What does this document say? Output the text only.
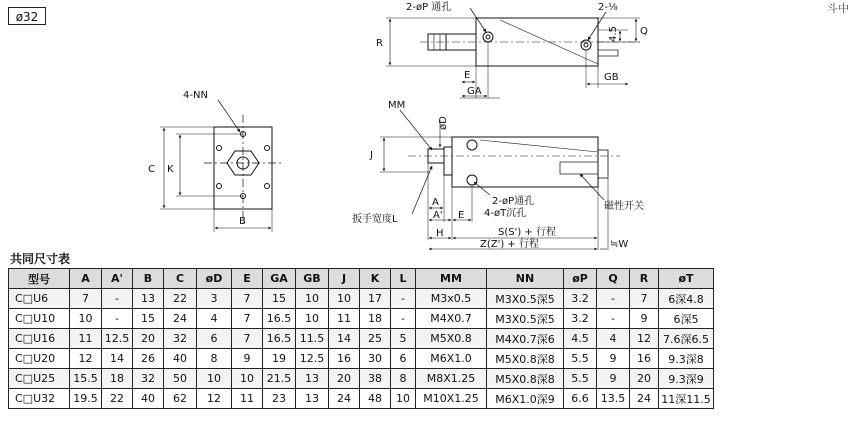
ø32
斗中
4-NN
C K
B
2-øP 通孔	2-⅛
R
4.5 Q
E
GA
GB
MM
øD
J
扳手宽度L
A
A' E
H
2-øP通孔
4-øT沉孔
磁性开关
S(S') + 行程
Z(Z') + 行程	≒W
共同尺寸表
型号	A	A'	B	C	øD	E	GA	GB	J	K	L	MM	NN	øP	Q	R	øT
C□U6	7	-	13	22	3	7	15	10	10	17	-	M3x0.5	M3X0.5深5	3.2	-	7	6深4.8
C□U10	10	-	15	24	4	7	16.5	10	11	18	-	M4X0.7	M3X0.5深5	3.2	-	9	6深5
C□U16	11	12.5	20	32	6	7	16.5	11.5	14	25	5	M5X0.8	M4X0.7深6	4.5	4	12	7.6深6.5
C□U20	12	14	26	40	8	9	19	12.5	16	30	6	M6X1.0	M5X0.8深8	5.5	9	16	9.3深8
C□U25	15.5	18	32	50	10	10	21.5	13	20	38	8	M8X1.25	M5X0.8深8	5.5	9	20	9.3深9
C□U32	19.5	22	40	62	12	11	23	13	24	48	10	M10X1.25	M6X1.0深9	6.6	13.5	24	11深11.5
